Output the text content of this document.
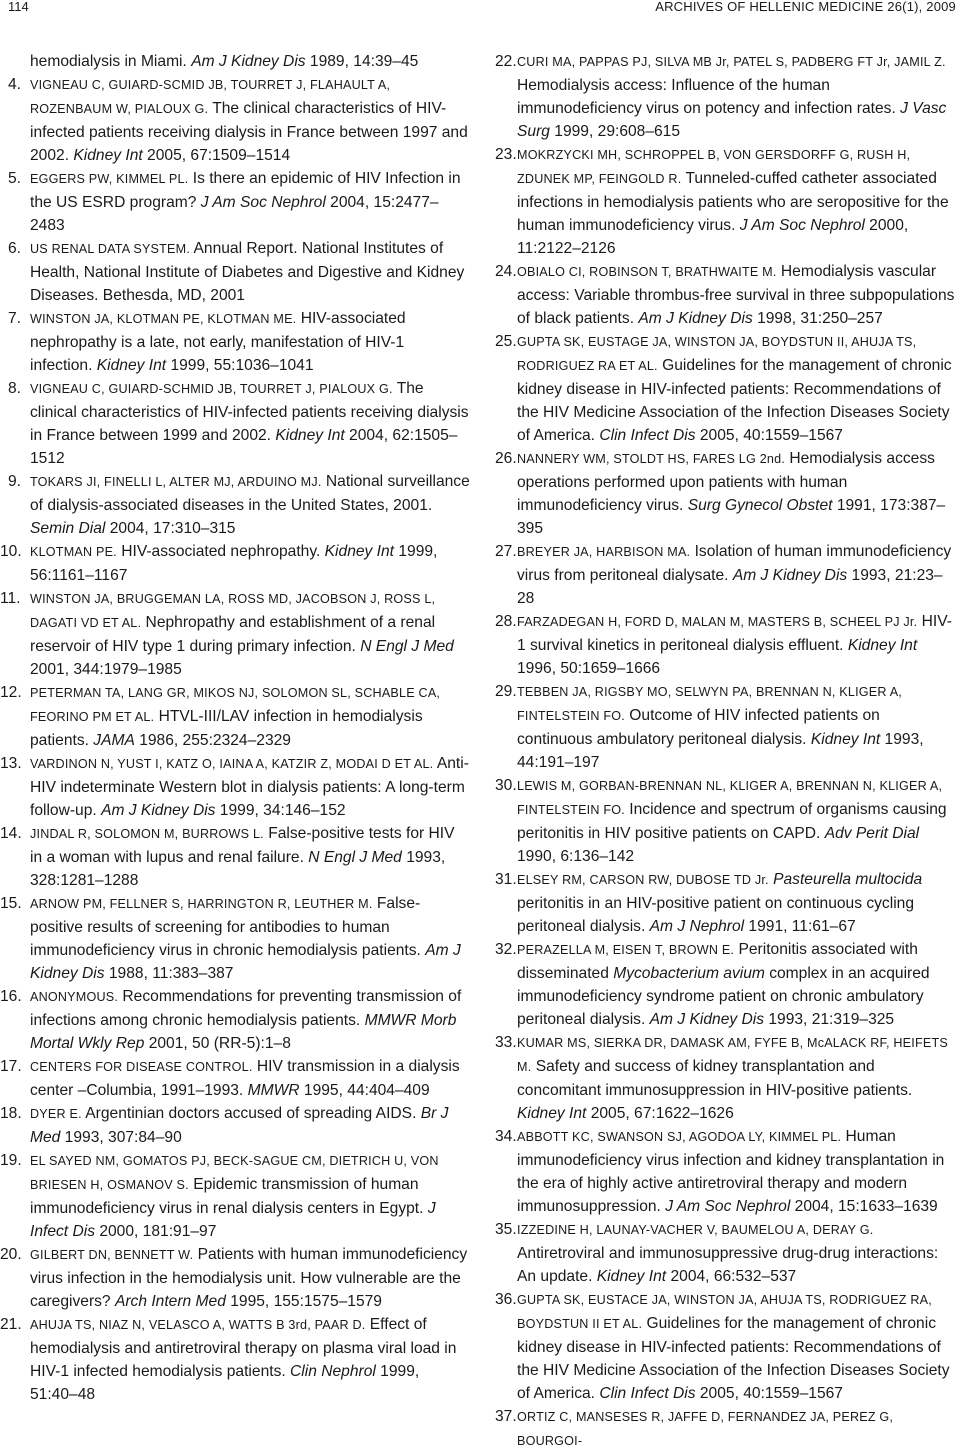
114	ARCHIVES OF HELLENIC MEDICINE 26(1), 2009
hemodialysis in Miami. Am J Kidney Dis 1989, 14:39–45
4. VIGNEAU C, GUIARD-SCMID JB, TOURRET J, FLAHAULT A, ROZENBAUM W, PIALOUX G. The clinical characteristics of HIV-infected patients receiving dialysis in France between 1997 and 2002. Kidney Int 2005, 67:1509–1514
5. EGGERS PW, KIMMEL PL. Is there an epidemic of HIV Infection in the US ESRD program? J Am Soc Nephrol 2004, 15:2477–2483
6. US RENAL DATA SYSTEM. Annual Report. National Institutes of Health, National Institute of Diabetes and Digestive and Kidney Diseases. Bethesda, MD, 2001
7. WINSTON JA, KLOTMAN PE, KLOTMAN ME. HIV-associated nephropathy is a late, not early, manifestation of HIV-1 infection. Kidney Int 1999, 55:1036–1041
8. VIGNEAU C, GUIARD-SCHMID JB, TOURRET J, PIALOUX G. The clinical characteristics of HIV-infected patients receiving dialysis in France between 1999 and 2002. Kidney Int 2004, 62:1505–1512
9. TOKARS JI, FINELLI L, ALTER MJ, ARDUINO MJ. National surveillance of dialysis-associated diseases in the United States, 2001. Semin Dial 2004, 17:310–315
10. KLOTMAN PE. HIV-associated nephropathy. Kidney Int 1999, 56:1161–1167
11. WINSTON JA, BRUGGEMAN LA, ROSS MD, JACOBSON J, ROSS L, DAGATI VD ET AL. Nephropathy and establishment of a renal reservoir of HIV type 1 during primary infection. N Engl J Med 2001, 344:1979–1985
12. PETERMAN TA, LANG GR, MIKOS NJ, SOLOMON SL, SCHABLE CA, FEORINO PM ET AL. HTVL-III/LAV infection in hemodialysis patients. JAMA 1986, 255:2324–2329
13. VARDINON N, YUST I, KATZ O, IAINA A, KATZIR Z, MODAI D ET AL. Anti-HIV indeterminate Western blot in dialysis patients: A long-term follow-up. Am J Kidney Dis 1999, 34:146–152
14. JINDAL R, SOLOMON M, BURROWS L. False-positive tests for HIV in a woman with lupus and renal failure. N Engl J Med 1993, 328:1281–1288
15. ARNOW PM, FELLNER S, HARRINGTON R, LEUTHER M. False-positive results of screening for antibodies to human immunodeficiency virus in chronic hemodialysis patients. Am J Kidney Dis 1988, 11:383–387
16. ANONYMOUS. Recommendations for preventing transmission of infections among chronic hemodialysis patients. MMWR Morb Mortal Wkly Rep 2001, 50 (RR-5):1–8
17. CENTERS FOR DISEASE CONTROL. HIV transmission in a dialysis center –Columbia, 1991–1993. MMWR 1995, 44:404–409
18. DYER E. Argentinian doctors accused of spreading AIDS. Br J Med 1993, 307:84–90
19. EL SAYED NM, GOMATOS PJ, BECK-SAGUE CM, DIETRICH U, VON BRIESEN H, OSMANOV S. Epidemic transmission of human immunodeficiency virus in renal dialysis centers in Egypt. J Infect Dis 2000, 181:91–97
20. GILBERT DN, BENNETT W. Patients with human immunodeficiency virus infection in the hemodialysis unit. How vulnerable are the caregivers? Arch Intern Med 1995, 155:1575–1579
21. AHUJA TS, NIAZ N, VELASCO A, WATTS B 3rd, PAAR D. Effect of hemodialysis and antiretroviral therapy on plasma viral load in HIV-1 infected hemodialysis patients. Clin Nephrol 1999, 51:40–48
22. CURI MA, PAPPAS PJ, SILVA MB Jr, PATEL S, PADBERG FT Jr, JAMIL Z. Hemodialysis access: Influence of the human immunodeficiency virus on potency and infection rates. J Vasc Surg 1999, 29:608–615
23. MOKRZYCKI MH, SCHROPPEL B, VON GERSDORFF G, RUSH H, ZDUNEK MP, FEINGOLD R. Tunneled-cuffed catheter associated infections in hemodialysis patients who are seropositive for the human immunodeficiency virus. J Am Soc Nephrol 2000, 11:2122–2126
24. OBIALO CI, ROBINSON T, BRATHWAITE M. Hemodialysis vascular access: Variable thrombus-free survival in three subpopulations of black patients. Am J Kidney Dis 1998, 31:250–257
25. GUPTA SK, EUSTAGE JA, WINSTON JA, BOYDSTUN II, AHUJA TS, RODRIGUEZ RA ET AL. Guidelines for the management of chronic kidney disease in HIV-infected patients: Recommendations of the HIV Medicine Association of the Infection Diseases Society of America. Clin Infect Dis 2005, 40:1559–1567
26. NANNERY WM, STOLDT HS, FARES LG 2nd. Hemodialysis access operations performed upon patients with human immunodeficiency virus. Surg Gynecol Obstet 1991, 173:387–395
27. BREYER JA, HARBISON MA. Isolation of human immunodeficiency virus from peritoneal dialysate. Am J Kidney Dis 1993, 21:23–28
28. FARZADEGAN H, FORD D, MALAN M, MASTERS B, SCHEEL PJ Jr. HIV-1 survival kinetics in peritoneal dialysis effluent. Kidney Int 1996, 50:1659–1666
29. TEBBEN JA, RIGSBY MO, SELWYN PA, BRENNAN N, KLIGER A, FINTELSTEIN FO. Outcome of HIV infected patients on continuous ambulatory peritoneal dialysis. Kidney Int 1993, 44:191–197
30. LEWIS M, GORBAN-BRENNAN NL, KLIGER A, BRENNAN N, KLIGER A, FINTELSTEIN FO. Incidence and spectrum of organisms causing peritonitis in HIV positive patients on CAPD. Adv Perit Dial 1990, 6:136–142
31. ELSEY RM, CARSON RW, DUBOSE TD Jr. Pasteurella multocida peritonitis in an HIV-positive patient on continuous cycling peritoneal dialysis. Am J Nephrol 1991, 11:61–67
32. PERAZELLA M, EISEN T, BROWN E. Peritonitis associated with disseminated Mycobacterium avium complex in an acquired immunodeficiency syndrome patient on chronic ambulatory peritoneal dialysis. Am J Kidney Dis 1993, 21:319–325
33. KUMAR MS, SIERKA DR, DAMASK AM, FYFE B, McALACK RF, HEIFETS M. Safety and success of kidney transplantation and concomitant immunosuppression in HIV-positive patients. Kidney Int 2005, 67:1622–1626
34. ABBOTT KC, SWANSON SJ, AGODOA LY, KIMMEL PL. Human immunodeficiency virus infection and kidney transplantation in the era of highly active antiretroviral therapy and modern immunosuppression. J Am Soc Nephrol 2004, 15:1633–1639
35. IZZEDINE H, LAUNAY-VACHER V, BAUMELOU A, DERAY G. Antiretroviral and immunosuppressive drug-drug interactions: An update. Kidney Int 2004, 66:532–537
36. GUPTA SK, EUSTACE JA, WINSTON JA, AHUJA TS, RODRIGUEZ RA, BOYDSTUN II ET AL. Guidelines for the management of chronic kidney disease in HIV-infected patients: Recommendations of the HIV Medicine Association of the Infection Diseases Society of America. Clin Infect Dis 2005, 40:1559–1567
37. ORTIZ C, MANSESES R, JAFFE D, FERNANDEZ JA, PEREZ G, BOURGOI-
